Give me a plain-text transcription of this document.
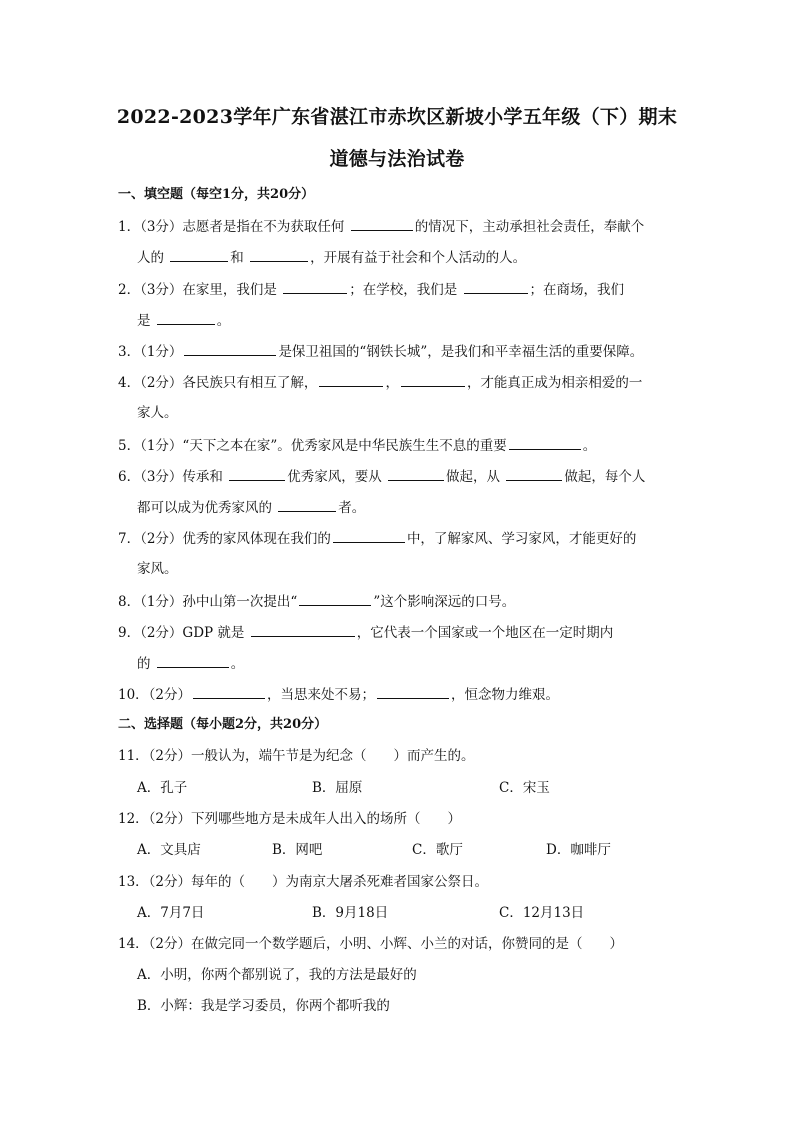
2022-2023学年广东省湛江市赤坎区新坡小学五年级（下）期末
道德与法治试卷
一、填空题（每空1分，共20分）
1．（3分）志愿者是指在不为获取任何	的情况下，主动承担社会责任，奉献个
人的	和	，开展有益于社会和个人活动的人。
2．（3分）在家里，我们是	；在学校，我们是	；在商场，我们
是	。
3．（1分）	是保卫祖国的“钢铁长城”，是我们和平幸福生活的重要保障。
4．（2分）各民族只有相互了解，	，	，才能真正成为相亲相爱的一
家人。
5．（1分）“天下之本在家”。优秀家风是中华民族生生不息的重要	。
6．（3分）传承和	优秀家风，要从	做起，从	做起，每个人
都可以成为优秀家风的	者。
7．（2分）优秀的家风体现在我们的	中，了解家风、学习家风，才能更好的
家风。
8．（1分）孙中山第一次提出“	”这个影响深远的口号。
9．（2分）GDP 就是	，它代表一个国家或一个地区在一定时期内
的	。
10．（2分）	，当思来处不易；	，恒念物力维艰。
二、选择题（每小题2分，共20分）
11．（2分）一般认为，端午节是为纪念（　　）而产生的。
A．孔子	B．屈原	C．宋玉
12．（2分）下列哪些地方是未成年人出入的场所（　　）
A．文具店	B．网吧	C．歌厅	D．咖啡厅
13．（2分）每年的（　　）为南京大屠杀死难者国家公祭日。
A．7月7日	B．9月18日	C．12月13日
14．（2分）在做完同一个数学题后，小明、小辉、小兰的对话，你赞同的是（　　）
A．小明，你两个都别说了，我的方法是最好的
B．小辉：我是学习委员，你两个都听我的
